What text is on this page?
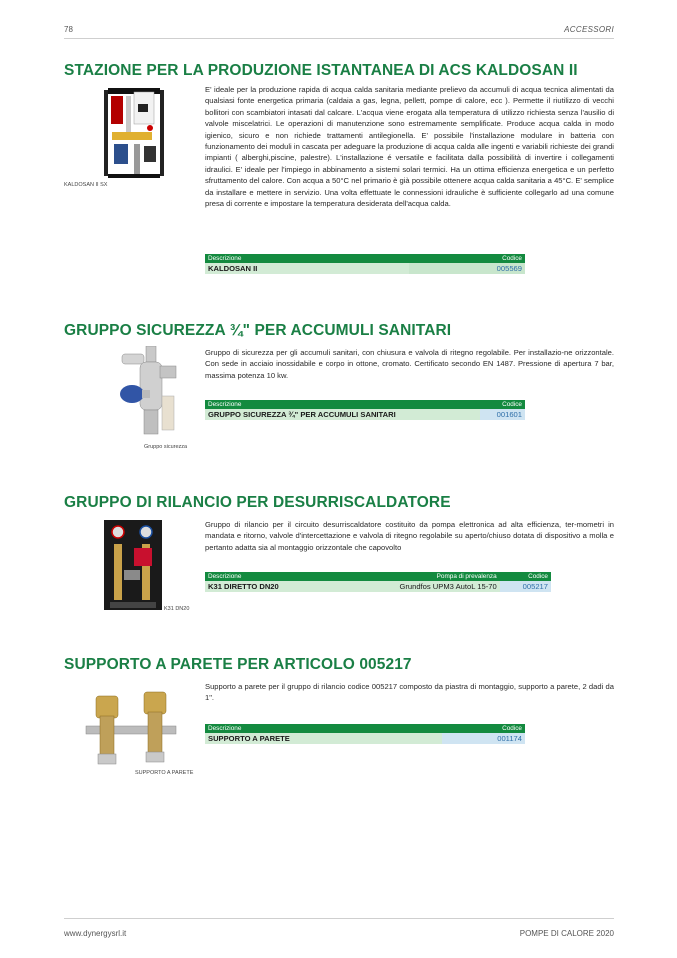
78	ACCESSORI
STAZIONE PER LA PRODUZIONE ISTANTANEA DI ACS KALDOSAN II
KALDOSAN II SX
E' ideale per la produzione rapida di acqua calda sanitaria mediante prelievo da accumuli di acqua tecnica alimentati da qualsiasi fonte energetica primaria (caldaia a gas, legna, pellett, pompe di calore, ecc ). Permette il riutilizzo di vecchi bollitori con scambiatori intasati dal calcare. L'acqua viene erogata alla temperatura di utilizzo richiesta senza l'ausilio di valvole miscelatrici. Le operazioni di manutenzione sono estremamente semplificate. Produce acqua calda in modo igienico, sicuro e non richiede trattamenti antilegionella. E' possibile l'installazione modulare in batteria con funzionamento dei moduli in cascata per adeguare la produzione di acqua calda alle ingenti e variabili richieste dei grandi impianti ( alberghi,piscine, palestre). L'installazione é versatile e facilitata dalla possibilità di invertire i collegamenti idraulici. E' ideale per l'impiego in abbinamento a sistemi solari termici. Ha un ottima efficienza energetica e un perfetto sfruttamento del calore. Con acqua a 50°C nel primario è già possibile ottenere acqua calda sanitaria a 45°C. E' semplice da installare e mettere in servizio. Una volta effettuate le connessioni idrauliche è sufficiente collegarlo ad una comune presa di corrente e impostare la temperatura desiderata dell'acqua calda.
Descrizione	Codice
KALDOSAN II	005569
GRUPPO SICUREZZA ¾" PER ACCUMULI SANITARI
Gruppo sicurezza
Gruppo di sicurezza per gli accumuli sanitari, con chiusura e valvola di ritegno regolabile. Per installazio-ne orizzontale. Con sede in acciaio inossidabile e corpo in ottone, cromato. Certificato secondo EN 1487. Pressione di apertura 7 bar, massima potenza 10 kw.
Descrizione	Codice
GRUPPO SICUREZZA ¾" PER ACCUMULI SANITARI	001601
GRUPPO DI RILANCIO PER DESURRISCALDATORE
K31 DN20
Gruppo di rilancio per il circuito desurriscaldatore costituito da pompa elettronica ad alta efficienza, ter-mometri in mandata e ritorno, valvole d'intercettazione e valvola di ritegno regolabile su aperto/chiuso dotata di dispositivo a molla e pertanto adatta sia al montaggio orizzontale che capovolto
Descrizione	Pompa di prevalenza	Codice
K31 DIRETTO DN20	Grundfos UPM3 AutoL 15-70	005217
SUPPORTO A PARETE PER ARTICOLO 005217
SUPPORTO A PARETE
Supporto a parete per il gruppo di rilancio codice 005217 composto da piastra di montaggio, supporto a parete, 2 dadi da 1".
Descrizione	Codice
SUPPORTO A PARETE	001174
www.dynergysrl.it	POMPE DI CALORE 2020
